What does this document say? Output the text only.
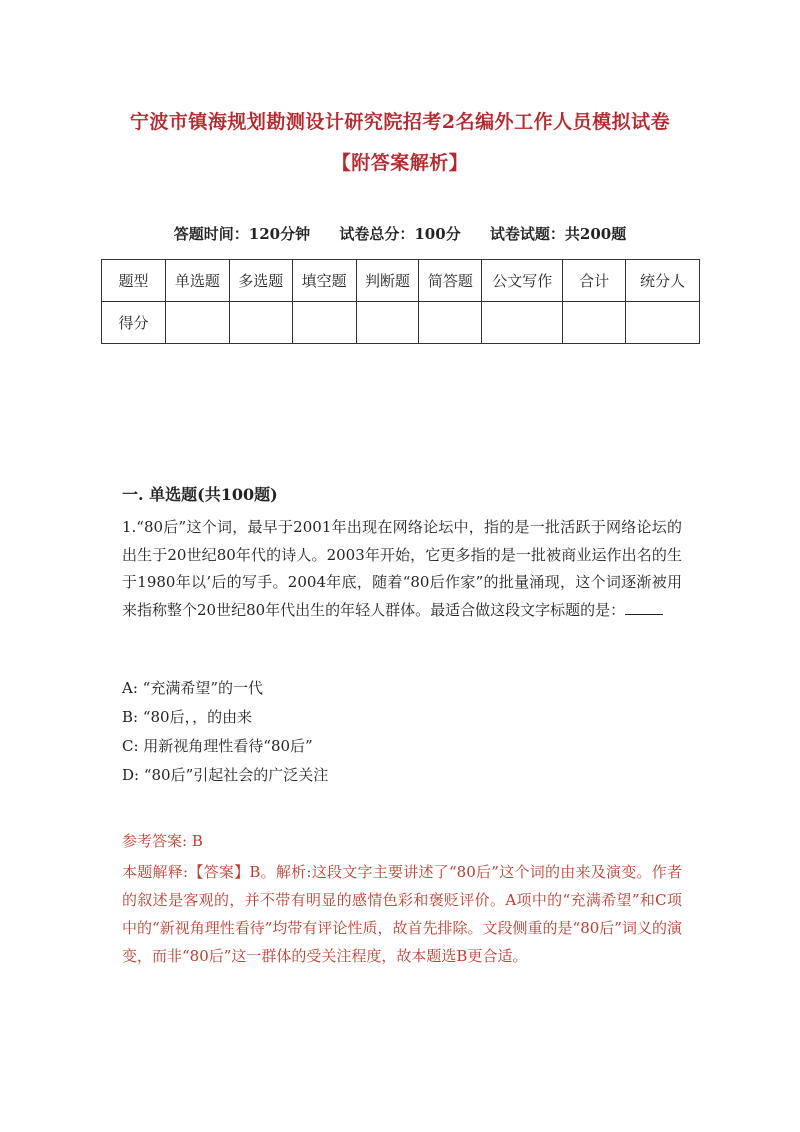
宁波市镇海规划勘测设计研究院招考2名编外工作人员模拟试卷
【附答案解析】
答题时间：120分钟 试卷总分：100分 试卷试题：共200题
题型	单选题	多选题	填空题	判断题	简答题	公文写作	合计	统分人
得分								
一. 单选题(共100题)
1.“80后”这个词，最早于2001年出现在网络论坛中，指的是一批活跃于网络论坛的出生于20世纪80年代的诗人。2003年开始，它更多指的是一批被商业运作出名的生于1980年以’后的写手。2004年底，随着“80后作家”的批量涌现，这个词逐渐被用来指称整个20世纪80年代出生的年轻人群体。最适合做这段文字标题的是：
A: “充满希望”的一代
B: “80后，，的由来
C: 用新视角理性看待“80后”
D: “80后”引起社会的广泛关注
参考答案: B
本题解释:【答案】B。解析:这段文字主要讲述了“80后”这个词的由来及演变。作者的叙述是客观的，并不带有明显的感情色彩和褒贬评价。A项中的“充满希望”和C项中的“新视角理性看待”均带有评论性质，故首先排除。文段侧重的是“80后”词义的演变，而非“80后”这一群体的受关注程度，故本题选B更合适。
